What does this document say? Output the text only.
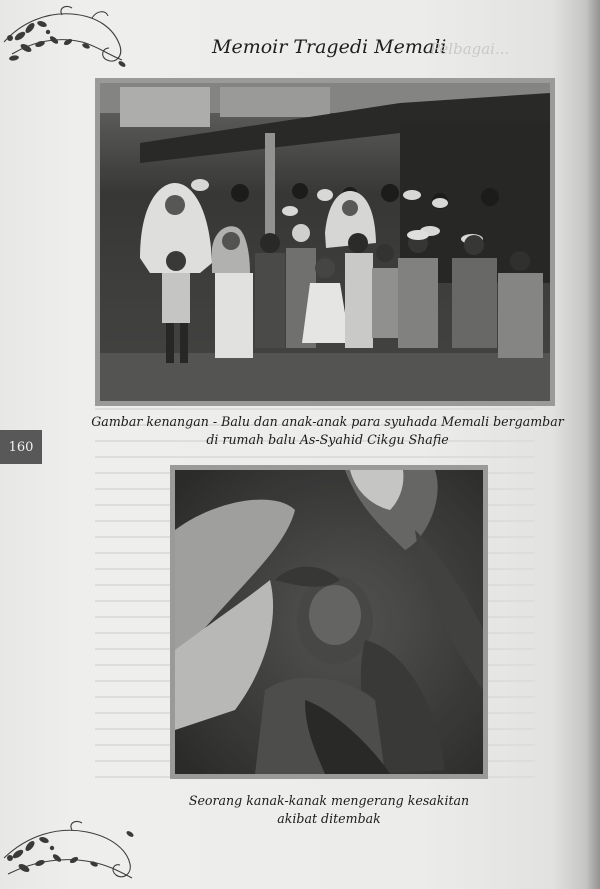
Memoir Tragedi Memali
Pelbagai...
160
Gambar kenangan - Balu dan anak-anak para syuhada Memali bergambar
di rumah balu As-Syahid Cikgu Shafie
Seorang kanak-kanak mengerang kesakitan
akibat ditembak
